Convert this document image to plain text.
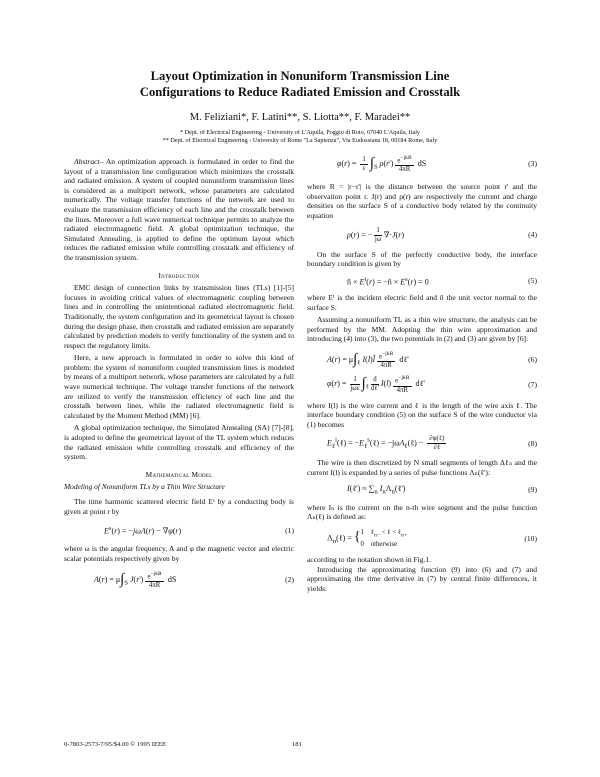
Layout Optimization in Nonuniform Transmission Line
Configurations to Reduce Radiated Emission and Crosstalk
M. Feliziani*, F. Latini**, S. Liotta**, F. Maradei**
* Dept. of Electrical Engineering - University of L'Aquila, Poggio di Roio, 67040 L'Aquila, Italy
** Dept. of Electrical Engineering - University of Rome "La Sapienza", Via Eudossiana 18, 00184 Rome, Italy

Abstract– An optimization approach is formulated in order to find the layout of a transmission line configuration which minimizes the crosstalk and radiated emission. A system of coupled nonuniform transmission lines is considered as a multiport network, whose parameters are calculated numerically. The voltage transfer functions of the network are used to evaluate the transmission efficiency of each line and the crosstalk between the lines. Moreover a full wave numerical technique permits to analyze the radiated electromagnetic field. A global optimization technique, the Simulated Annealing, is applied to define the optimum layout which reduces the radiated emission while controlling crosstalk and efficiency of the transmission system.

Introduction

EMC design of connection links by transmission lines (TLs) [1]-[5] focuses in avoiding critical values of electromagnetic coupling between lines and in controlling the unintentional radiated electromagnetic field. Traditionally, the system configuration and its geometrical layout is chosen during the design phase, then crosstalk and radiated emission are separately calculated by prediction models to verify functionality of the system and to respect the regulatory limits.

Here, a new approach is formulated in order to solve this kind of problem: the system of nonuniform coupled transmission lines is modeled by means of a multiport network, whose parameters are calculated by a full wave numerical technique. The voltage transfer functions of the network are utilized to verify the transmission efficiency of each line and the crosstalk between lines, while the radiated electromagnetic field is calculated by the Moment Method (MM) [6].

A global optimization technique, the Simulated Annealing (SA) [7]-[8], is adopted to define the geometrical layout of the TL system which reduces the radiated emission while controlling crosstalk and efficiency of the system.

Mathematical Model

Modeling of Nonuniform TLs by a Thin Wire Structure

The time harmonic scattered electric field Eˢ by a conducting body is given at point r by

$E^s(r) = -j\omega A(r) - \nabla\varphi(r)$	(1)

where ω is the angular frequency, A and φ the magnetic vector and electric scalar potentials respectively given by

$A(r) = \mu\int_S$ $J(r') \frac{e^{-jkR}}{4\pi R}$ dS	(2)
$\varphi(r) = \frac{1}{\varepsilon} \int_S$ $\rho(r') \frac{e^{-jkR}}{4\pi R}$ dS	(3)

where R = |r−r'| is the distance between the source point r' and the observation point r. J(r) and ρ(r) are respectively the current and charge densities on the surface S of a conductive body related by the continuity equation

ρ(r) = − $\frac{1}{j\omega} \nabla\cdot J(r)$	(4)

On the surface S of the perfectly conductive body, the interface boundary condition is given by

n̂ × $E^i(r)$ = −n̂ × $E^s(r) = 0$	(5)

where Eⁱ is the incident electric field and n̂ the unit vector normal to the surface S.

Assuming a nonuniform TL as a thin wire structure, the analysis can be performed by the MM. Adopting the thin wire approximation and introducing (4) into (3), the two potentials in (2) and (3) are given by [6]:

$A(r) = \mu\int_\ell$ I(l)l̂ $\frac{e^{-jkR}}{4\pi R}$ dℓ'	(6)
$\varphi(r) = \frac{1}{\text{jωε}} \int_\ell \frac{d}{\text{dℓ'}} I(l) \frac{e^{-jkR}}{4\pi R}$ dℓ'	(7)

where I(l) is the wire current and ℓ is the length of the wire axis ℓ. The interface boundary condition (5) on the surface S of the wire conductor via (1) becomes

$E_\ell^i(\ell)$ = $-E_\ell^s(\ell)$ = −jωA$_\ell$(ℓ) − $\frac{\text{∂φ(ℓ)}}{\text{∂ℓ}}$	(8)

The wire is then discretized by N small segments of length Δℓₙ and the current I(l) is expanded by a series of pulse functions Λₙ(ℓ'):

I(ℓ') ≈ $\sum_n$ $I_n\Lambda_n(\ell')$	(9)

where Iₙ is the current on the n-th wire segment and the pulse function Λₙ(ℓ) is defined as:

$\Lambda_n(\ell) = \{1$    ℓ$_{n-}$ < ℓ < ℓ$_{n+}$
0    otherwise
(10)

according to the notation shown in Fig.1.

Introducing the approximating function (9) into (6) and (7) and approximating the time derivative in (7) by central finite differences, it yields:

0-7803-2573-7/95/$4.00 © 1995 IEEE	181
